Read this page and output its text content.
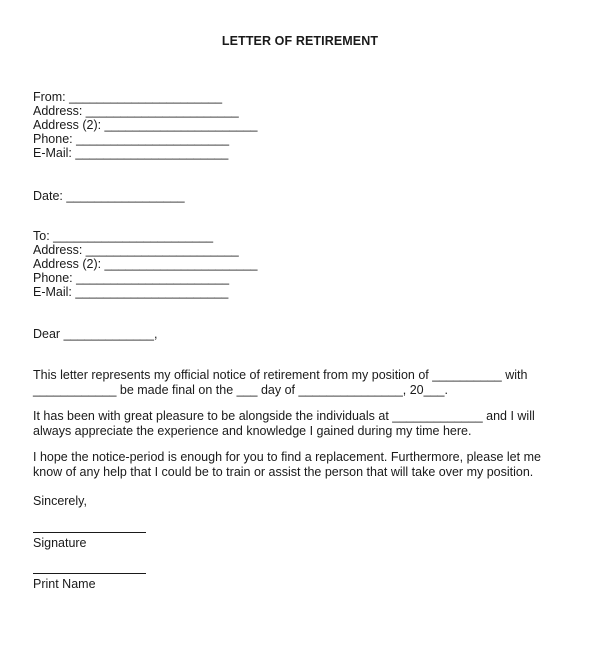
LETTER OF RETIREMENT
From: ______________________
Address: ______________________
Address (2): ______________________
Phone: ______________________
E-Mail: ______________________
Date: _________________
To: _______________________
Address: ______________________
Address (2): ______________________
Phone: ______________________
E-Mail: ______________________
Dear _____________,
This letter represents my official notice of retirement from my position of __________ with ____________ be made final on the ___ day of _______________, 20___.
It has been with great pleasure to be alongside the individuals at _____________ and I will always appreciate the experience and knowledge I gained during my time here.
I hope the notice-period is enough for you to find a replacement. Furthermore, please let me know of any help that I could be to train or assist the person that will take over my position.
Sincerely,
Signature
Print Name
